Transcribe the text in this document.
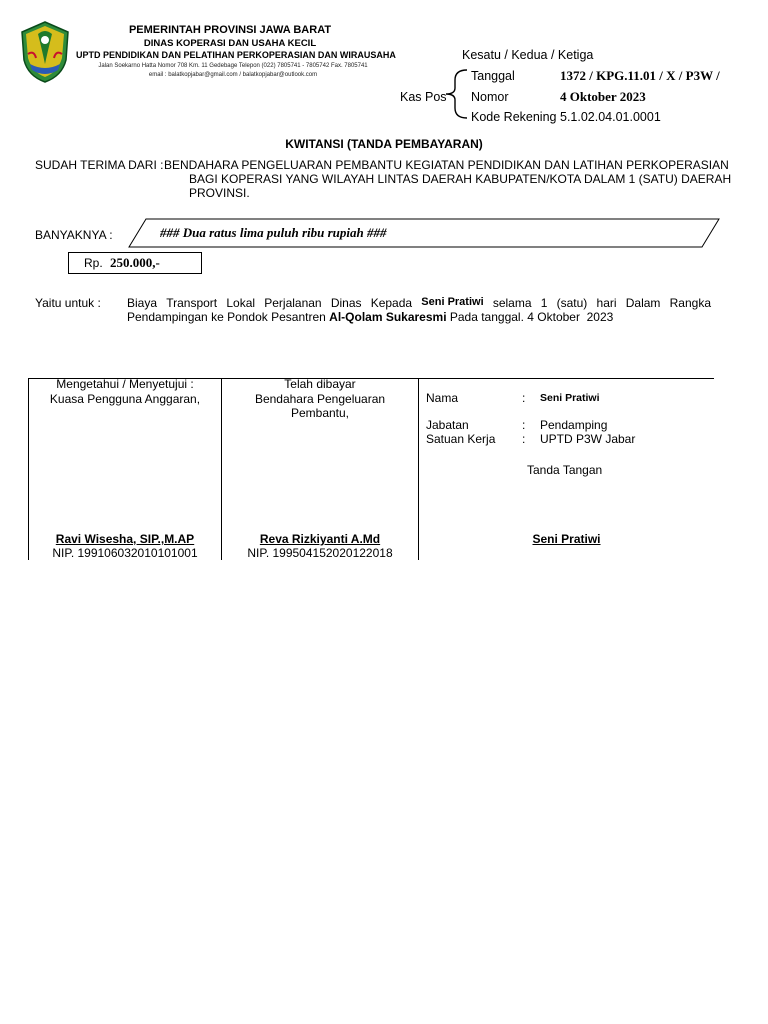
PEMERINTAH PROVINSI JAWA BARAT
DINAS KOPERASI DAN USAHA KECIL
UPTD PENDIDIKAN DAN PELATIHAN PERKOPERASIAN DAN WIRAUSAHA
Jalan Soekarno Hatta Nomor 708 Km. 11 Gedebage Telepon (022) 7805741 - 7805742 Fax. 7805741
email : balatkopjabar@gmail.com / balatkopjabar@outlook.com
Kesatu / Kedua / Ketiga
Kas Pos
Tanggal	1372 / KPG.11.01 / X / P3W /
Nomor	4 Oktober 2023
Kode Rekening 5.1.02.04.01.0001
KWITANSI (TANDA PEMBAYARAN)
SUDAH TERIMA DARI : BENDAHARA PENGELUARAN PEMBANTU KEGIATAN PENDIDIKAN DAN LATIHAN PERKOPERASIAN
BAGI KOPERASI YANG WILAYAH LINTAS DAERAH KABUPATEN/KOTA DALAM 1 (SATU) DAERAH
PROVINSI.
BANYAKNYA :	### Dua ratus lima puluh ribu rupiah ###
Rp. 250.000,-
Yaitu untuk : Biaya Transport Lokal Perjalanan Dinas Kepada Seni Pratiwi selama 1 (satu) hari Dalam Rangka
Pendampingan ke Pondok Pesantren Al-Qolam Sukaresmi Pada tanggal. 4 Oktober  2023
Mengetahui / Menyetujui :
Kuasa Pengguna Anggaran,
Ravi Wisesha, SIP.,M.AP
NIP. 199106032010101001
Telah dibayar
Bendahara Pengeluaran
Pembantu,
Reva Rizkiyanti A.Md
NIP. 199504152020122018
Nama	: Seni Pratiwi
Jabatan	: Pendamping
Satuan Kerja : UPTD P3W Jabar
Tanda Tangan
Seni Pratiwi
